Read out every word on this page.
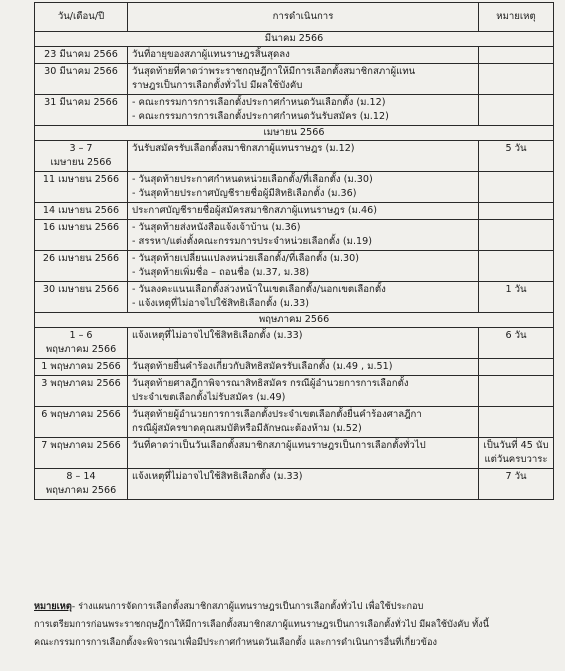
วัน/เดือน/ปี	การดำเนินการ	หมายเหตุ
มีนาคม 2566		

23 มีนาคม 2566	วันที่อายุของสภาผู้แทนราษฎรสิ้นสุดลง	

30 มีนาคม 2566	วันสุดท้ายที่คาดว่าพระราชกฤษฎีกาให้มีการเลือกตั้งสมาชิกสภาผู้แทน
ราษฎรเป็นการเลือกตั้งทั่วไป มีผลใช้บังคับ	

31 มีนาคม 2566	- คณะกรรมการการเลือกตั้งประกาศกำหนดวันเลือกตั้ง (ม.12)
- คณะกรรมการการเลือกตั้งประกาศกำหนดวันรับสมัคร (ม.12)	

เมษายน 2566		

3 – 7
เมษายน 2566	วันรับสมัครรับเลือกตั้งสมาชิกสภาผู้แทนราษฎร (ม.12)	5 วัน

11 เมษายน 2566	- วันสุดท้ายประกาศกำหนดหน่วยเลือกตั้ง/ที่เลือกตั้ง (ม.30)
- วันสุดท้ายประกาศบัญชีรายชื่อผู้มีสิทธิเลือกตั้ง (ม.36)	

14 เมษายน 2566	ประกาศบัญชีรายชื่อผู้สมัครสมาชิกสภาผู้แทนราษฎร (ม.46)	

16 เมษายน 2566	- วันสุดท้ายส่งหนังสือแจ้งเจ้าบ้าน (ม.36)
- สรรหา/แต่งตั้งคณะกรรมการประจำหน่วยเลือกตั้ง (ม.19)	

26 เมษายน 2566	- วันสุดท้ายเปลี่ยนแปลงหน่วยเลือกตั้ง/ที่เลือกตั้ง (ม.30)
- วันสุดท้ายเพิ่มชื่อ – ถอนชื่อ (ม.37, ม.38)	

30 เมษายน 2566	- วันลงคะแนนเลือกตั้งล่วงหน้าในเขตเลือกตั้ง/นอกเขตเลือกตั้ง
- แจ้งเหตุที่ไม่อาจไปใช้สิทธิเลือกตั้ง (ม.33)	1 วัน

พฤษภาคม 2566		

1 – 6
พฤษภาคม 2566	แจ้งเหตุที่ไม่อาจไปใช้สิทธิเลือกตั้ง (ม.33)	6 วัน

1 พฤษภาคม 2566	วันสุดท้ายยื่นคำร้องเกี่ยวกับสิทธิสมัครรับเลือกตั้ง (ม.49 , ม.51)	

3 พฤษภาคม 2566	วันสุดท้ายศาลฎีกาพิจารณาสิทธิสมัคร กรณีผู้อำนวยการการเลือกตั้ง
ประจำเขตเลือกตั้งไม่รับสมัคร (ม.49)	

6 พฤษภาคม 2566	วันสุดท้ายผู้อำนวยการการเลือกตั้งประจำเขตเลือกตั้งยื่นคำร้องศาลฎีกา
กรณีผู้สมัครขาดคุณสมบัติหรือมีลักษณะต้องห้าม (ม.52)	

7 พฤษภาคม 2566	วันที่คาดว่าเป็นวันเลือกตั้งสมาชิกสภาผู้แทนราษฎรเป็นการเลือกตั้งทั่วไป	เป็นวันที่ 45 นับ
แต่วันครบวาระ

8 – 14
พฤษภาคม 2566	แจ้งเหตุที่ไม่อาจไปใช้สิทธิเลือกตั้ง (ม.33)	7 วัน
หมายเหตุ- ร่างแผนการจัดการเลือกตั้งสมาชิกสภาผู้แทนราษฎรเป็นการเลือกตั้งทั่วไป เพื่อใช้ประกอบ
การเตรียมการก่อนพระราชกฤษฎีกาให้มีการเลือกตั้งสมาชิกสภาผู้แทนราษฎรเป็นการเลือกตั้งทั่วไป มีผลใช้บังคับ ทั้งนี้
คณะกรรมการการเลือกตั้งจะพิจารณาเพื่อมีประกาศกำหนดวันเลือกตั้ง และการดำเนินการอื่นที่เกี่ยวข้อง
